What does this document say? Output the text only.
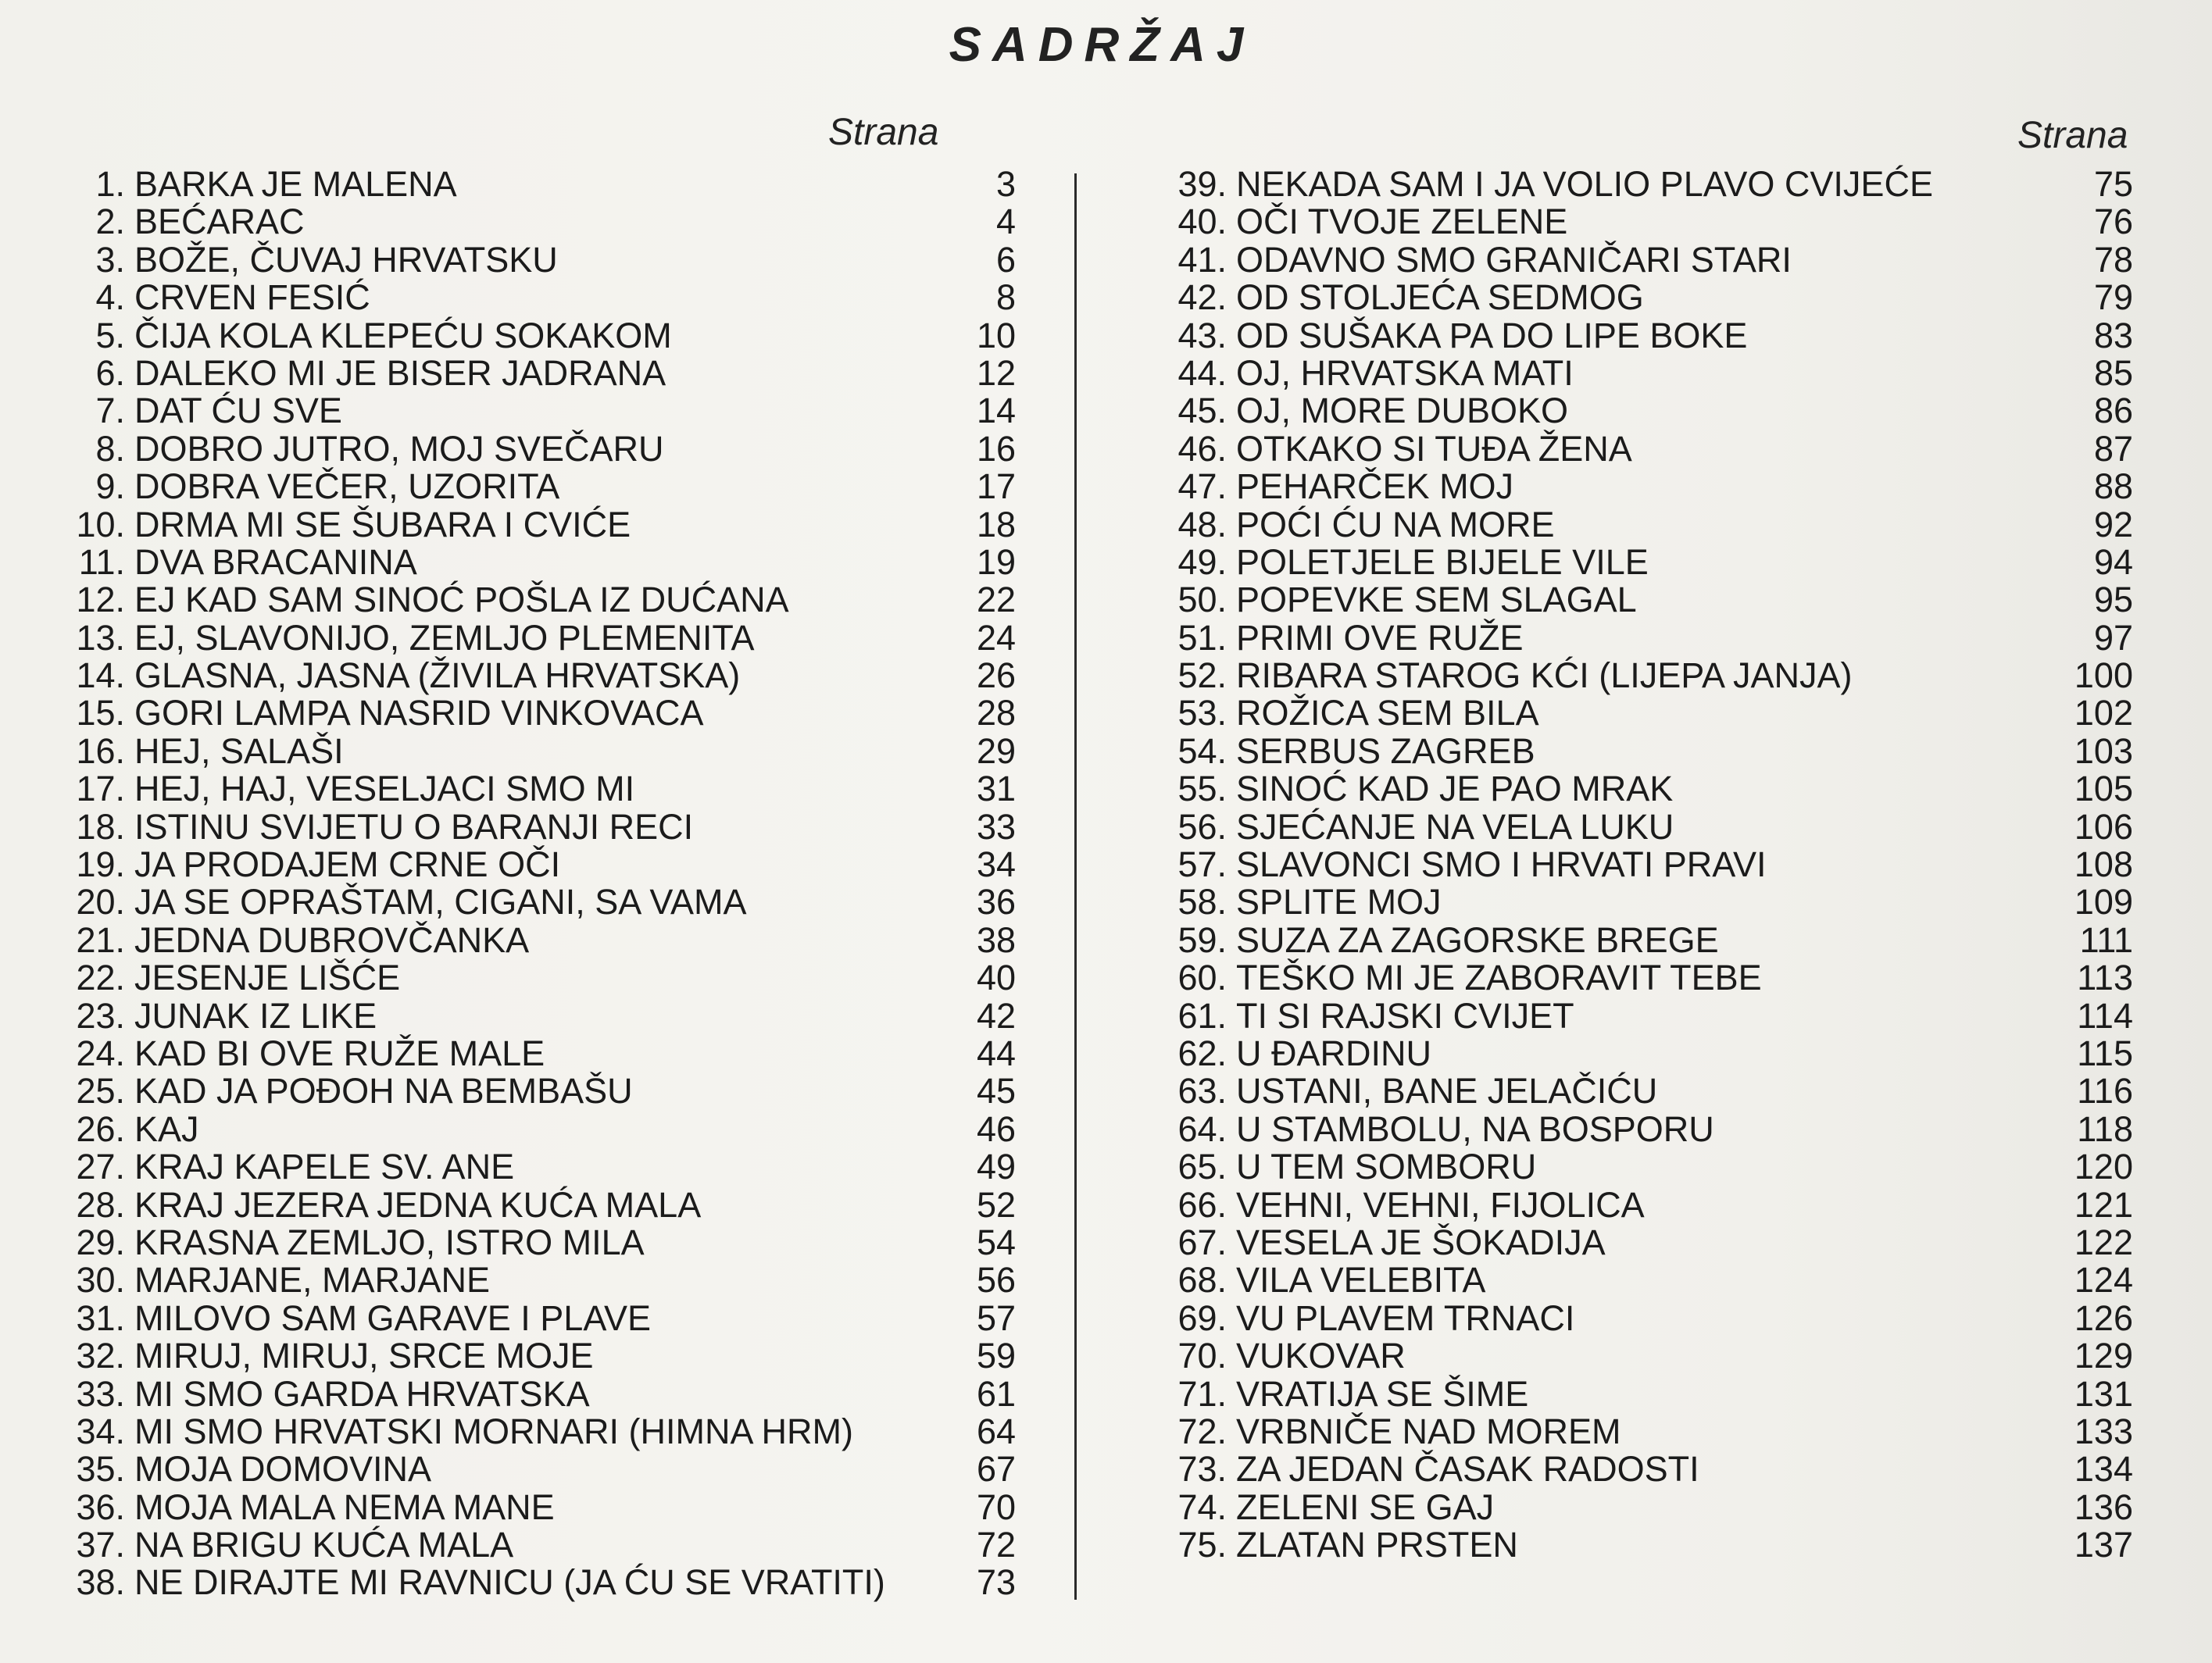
SADRŽAJ
Strana	Strana
1. BARKA JE MALENA	3
2. BEĆARAC	4
3. BOŽE, ČUVAJ HRVATSKU	6
4. CRVEN FESIĆ	8
5. ČIJA KOLA KLEPEĆU SOKAKOM	10
6. DALEKO MI JE BISER JADRANA	12
7. DAT ĆU SVE	14
8. DOBRO JUTRO, MOJ SVEČARU	16
9. DOBRA VEČER, UZORITA	17
10. DRMA MI SE ŠUBARA I CVIĆE	18
11. DVA BRACANINA	19
12. EJ KAD SAM SINOĆ POŠLA IZ DUĆANA	22
13. EJ, SLAVONIJO, ZEMLJO PLEMENITA	24
14. GLASNA, JASNA (ŽIVILA HRVATSKA)	26
15. GORI LAMPA NASRID VINKOVACA	28
16. HEJ, SALAŠI	29
17. HEJ, HAJ, VESELJACI SMO MI	31
18. ISTINU SVIJETU O BARANJI RECI	33
19. JA PRODAJEM CRNE OČI	34
20. JA SE OPRAŠTAM, CIGANI, SA VAMA	36
21. JEDNA DUBROVČANKA	38
22. JESENJE LIŠĆE	40
23. JUNAK IZ LIKE	42
24. KAD BI OVE RUŽE MALE	44
25. KAD JA POĐOH NA BEMBAŠU	45
26. KAJ	46
27. KRAJ KAPELE SV. ANE	49
28. KRAJ JEZERA JEDNA KUĆA MALA	52
29. KRASNA ZEMLJO, ISTRO MILA	54
30. MARJANE, MARJANE	56
31. MILOVO SAM GARAVE I PLAVE	57
32. MIRUJ, MIRUJ, SRCE MOJE	59
33. MI SMO GARDA HRVATSKA	61
34. MI SMO HRVATSKI MORNARI (HIMNA HRM)	64
35. MOJA DOMOVINA	67
36. MOJA MALA NEMA MANE	70
37. NA BRIGU KUĆA MALA	72
38. NE DIRAJTE MI RAVNICU (JA ĆU SE VRATITI)	73
39. NEKADA SAM I JA VOLIO PLAVO CVIJEĆE	75
40. OČI TVOJE ZELENE	76
41. ODAVNO SMO GRANIČARI STARI	78
42. OD STOLJEĆA SEDMOG	79
43. OD SUŠAKA PA DO LIPE BOKE	83
44. OJ, HRVATSKA MATI	85
45. OJ, MORE DUBOKO	86
46. OTKAKO SI TUĐA ŽENA	87
47. PEHARČEK MOJ	88
48. POĆI ĆU NA MORE	92
49. POLETJELE BIJELE VILE	94
50. POPEVKE SEM SLAGAL	95
51. PRIMI OVE RUŽE	97
52. RIBARA STAROG KĆI (LIJEPA JANJA)	100
53. ROŽICA SEM BILA	102
54. SERBUS ZAGREB	103
55. SINOĆ KAD JE PAO MRAK	105
56. SJEĆANJE NA VELA LUKU	106
57. SLAVONCI SMO I HRVATI PRAVI	108
58. SPLITE MOJ	109
59. SUZA ZA ZAGORSKE BREGE	111
60. TEŠKO MI JE ZABORAVIT TEBE	113
61. TI SI RAJSKI CVIJET	114
62. U ĐARDINU	115
63. USTANI, BANE JELAČIĆU	116
64. U STAMBOLU, NA BOSPORU	118
65. U TEM SOMBORU	120
66. VEHNI, VEHNI, FIJOLICA	121
67. VESELA JE ŠOKADIJA	122
68. VILA VELEBITA	124
69. VU PLAVEM TRNACI	126
70. VUKOVAR	129
71. VRATIJA SE ŠIME	131
72. VRBNIČE NAD MOREM	133
73. ZA JEDAN ČASAK RADOSTI	134
74. ZELENI SE GAJ	136
75. ZLATAN PRSTEN	137
